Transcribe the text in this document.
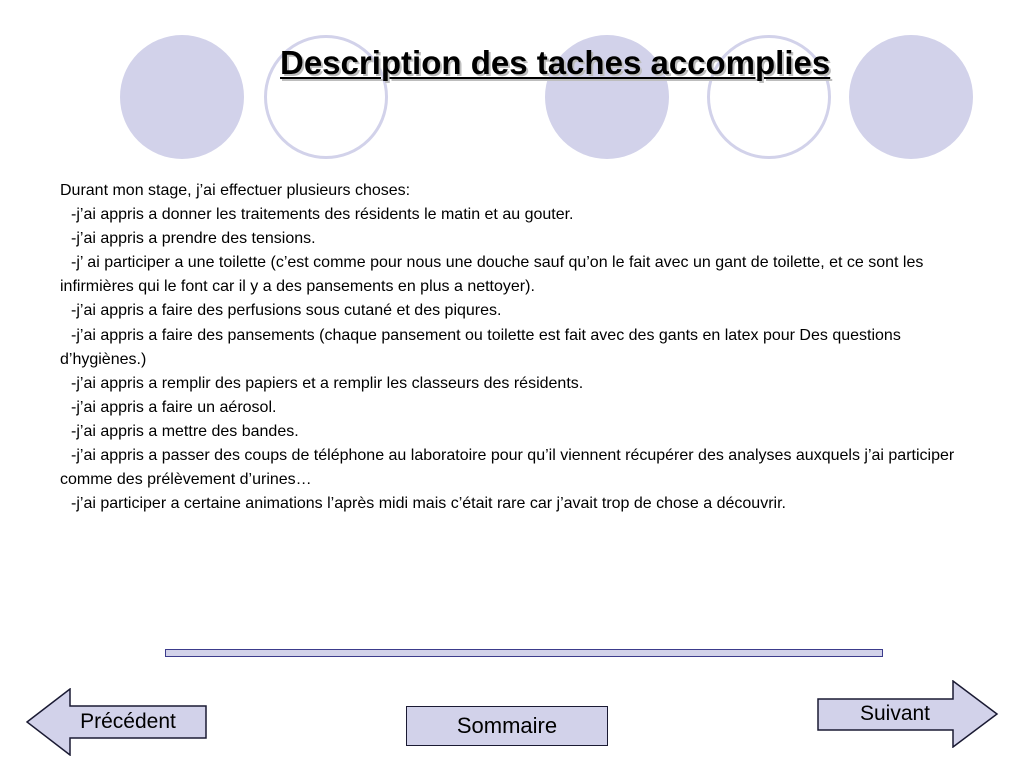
Description des taches accomplies

Durant mon stage, j’ai effectuer plusieurs choses:

-j’ai appris a donner les traitements des résidents le matin et au gouter.

-j’ai appris a prendre des tensions.

-j’ ai participer a une toilette (c’est comme pour nous une douche sauf qu’on le fait avec un gant de toilette, et ce sont les infirmières qui le font car il y a des pansements en plus a nettoyer).

-j’ai appris a faire des perfusions sous cutané et des piqures.

-j’ai appris a faire des pansements (chaque pansement ou toilette est fait avec des gants en latex pour Des questions d’hygiènes.)

-j’ai appris a remplir des papiers et a remplir les classeurs des résidents.

-j’ai appris a faire un aérosol.

-j’ai appris a mettre des bandes.

-j’ai appris a passer des coups de téléphone au laboratoire pour qu’il viennent récupérer des analyses auxquels j’ai participer comme des prélèvement d’urines…

-j’ai participer a certaine animations l’après midi mais c’était rare car j’avait trop de chose a découvrir.

Précédent	Sommaire	Suivant
